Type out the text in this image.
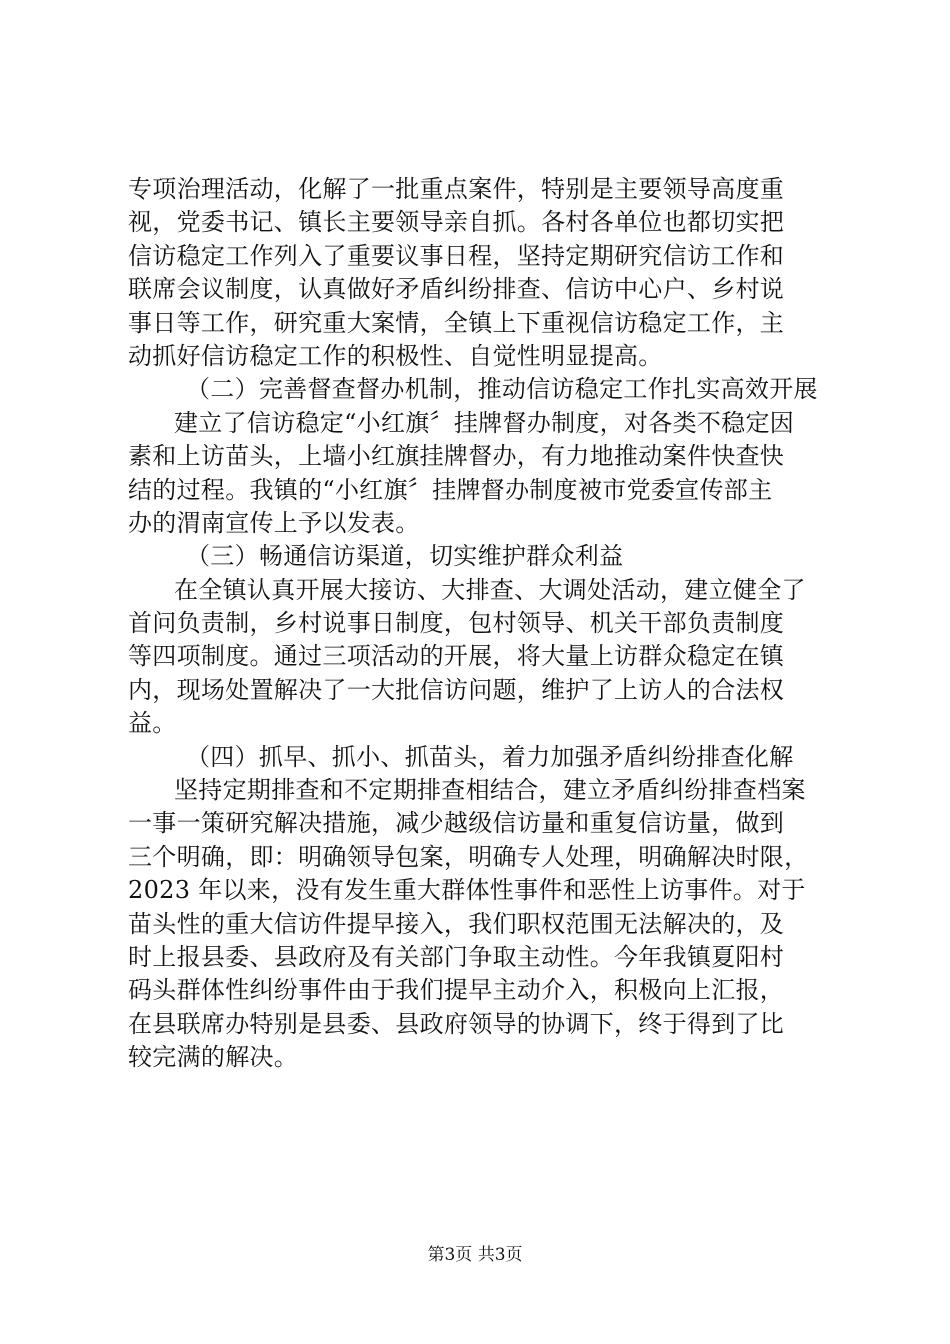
专项治理活动，化解了一批重点案件，特别是主要领导高度重
视，党委书记、镇长主要领导亲自抓。各村各单位也都切实把
信访稳定工作列入了重要议事日程，坚持定期研究信访工作和
联席会议制度，认真做好矛盾纠纷排查、信访中心户、乡村说
事日等工作，研究重大案情，全镇上下重视信访稳定工作，主
动抓好信访稳定工作的积极性、自觉性明显提高。
（二）完善督查督办机制，推动信访稳定工作扎实高效开展
建立了信访稳定“小红旗〞挂牌督办制度，对各类不稳定因
素和上访苗头，上墙小红旗挂牌督办，有力地推动案件快查快
结的过程。我镇的“小红旗〞挂牌督办制度被市党委宣传部主
办的渭南宣传上予以发表。
（三）畅通信访渠道，切实维护群众利益
在全镇认真开展大接访、大排查、大调处活动，建立健全了
首问负责制，乡村说事日制度，包村领导、机关干部负责制度
等四项制度。通过三项活动的开展，将大量上访群众稳定在镇
内，现场处置解决了一大批信访问题，维护了上访人的合法权
益。
（四）抓早、抓小、抓苗头，着力加强矛盾纠纷排查化解
坚持定期排查和不定期排查相结合，建立矛盾纠纷排查档案
一事一策研究解决措施，减少越级信访量和重复信访量，做到
三个明确，即：明确领导包案，明确专人处理，明确解决时限，
2023 年以来，没有发生重大群体性事件和恶性上访事件。对于
苗头性的重大信访件提早接入，我们职权范围无法解决的，及
时上报县委、县政府及有关部门争取主动性。今年我镇夏阳村
码头群体性纠纷事件由于我们提早主动介入，积极向上汇报，
在县联席办特别是县委、县政府领导的协调下，终于得到了比
较完满的解决。
第3页 共3页
